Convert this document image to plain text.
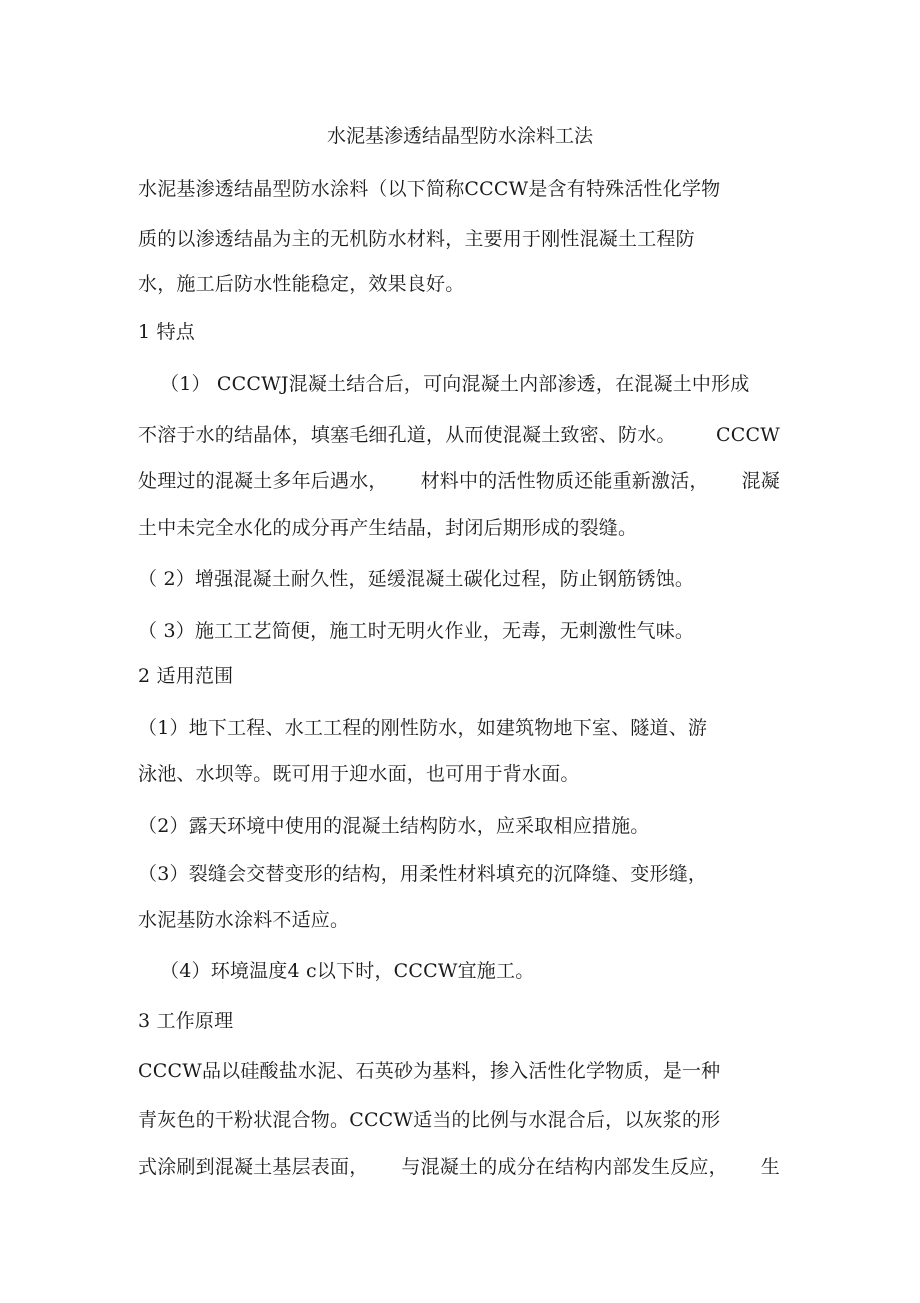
水泥基渗透结晶型防水涂料工法
水泥基渗透结晶型防水涂料（以下简称CCCW是含有特殊活性化学物
质的以渗透结晶为主的无机防水材料，主要用于刚性混凝土工程防
水，施工后防水性能稳定，效果良好。
1 特点
（1） CCCWJ混凝土结合后，可向混凝土内部渗透，在混凝土中形成
不溶于水的结晶体，填塞毛细孔道，从而使混凝土致密、防水。 CCCW
处理过的混凝土多年后遇水， 材料中的活性物质还能重新激活， 混凝
土中未完全水化的成分再产生结晶，封闭后期形成的裂缝。
（ 2）增强混凝土耐久性，延缓混凝土碳化过程，防止钢筋锈蚀。
（ 3）施工工艺简便，施工时无明火作业，无毒，无刺激性气味。
2 适用范围
（1）地下工程、水工工程的刚性防水，如建筑物地下室、隧道、游
泳池、水坝等。既可用于迎水面，也可用于背水面。
（2）露天环境中使用的混凝土结构防水，应采取相应措施。
（3）裂缝会交替变形的结构，用柔性材料填充的沉降缝、变形缝，
水泥基防水涂料不适应。
（4）环境温度4 c以下时，CCCW宜施工。
3 工作原理
CCCW品以硅酸盐水泥、石英砂为基料，掺入活性化学物质，是一种
青灰色的干粉状混合物。CCCW适当的比例与水混合后，以灰浆的形
式涂刷到混凝土基层表面， 与混凝土的成分在结构内部发生反应， 生
